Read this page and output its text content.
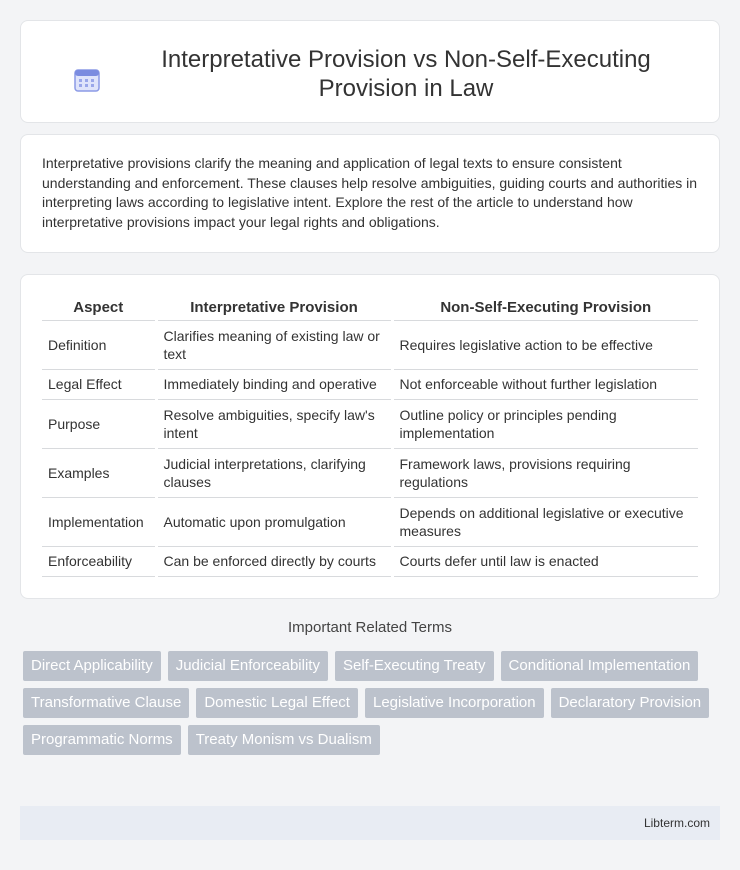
Interpretative Provision vs Non-Self-Executing Provision in Law

Interpretative provisions clarify the meaning and application of legal texts to ensure consistent understanding and enforcement. These clauses help resolve ambiguities, guiding courts and authorities in interpreting laws according to legislative intent. Explore the rest of the article to understand how interpretative provisions impact your legal rights and obligations.

Aspect	Interpretative Provision	Non-Self-Executing Provision
Definition	Clarifies meaning of existing law or text	Requires legislative action to be effective
Legal Effect	Immediately binding and operative	Not enforceable without further legislation
Purpose	Resolve ambiguities, specify law's intent	Outline policy or principles pending implementation
Examples	Judicial interpretations, clarifying clauses	Framework laws, provisions requiring regulations
Implementation	Automatic upon promulgation	Depends on additional legislative or executive measures
Enforceability	Can be enforced directly by courts	Courts defer until law is enacted
Important Related Terms
Direct Applicability	Judicial Enforceability	Self-Executing Treaty	Conditional Implementation
Transformative Clause	Domestic Legal Effect	Legislative Incorporation	Declaratory Provision
Programmatic Norms	Treaty Monism vs Dualism
Libterm.com
